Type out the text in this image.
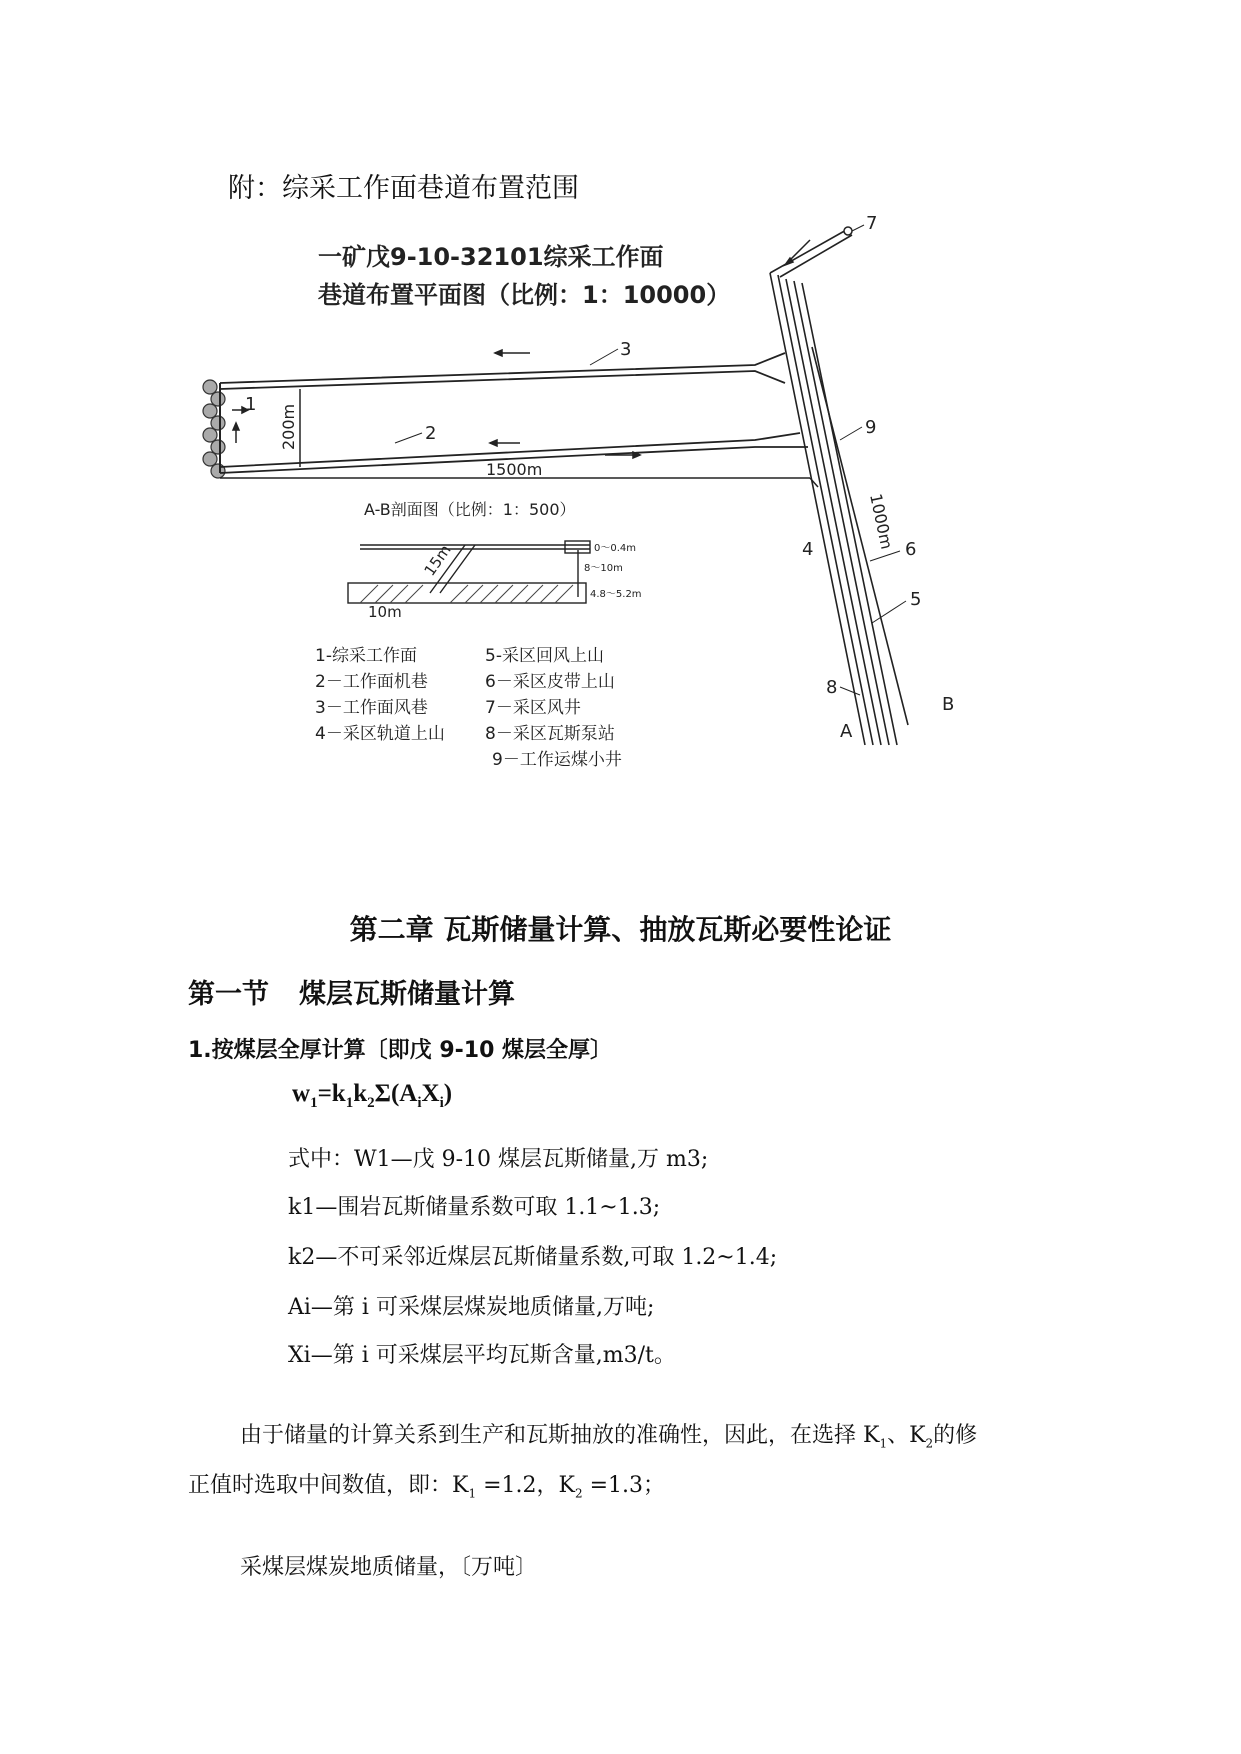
附：综采工作面巷道布置范围
一矿戊9-10-32101综采工作面
巷道布置平面图（比例：1：10000）
200m
1500m
1
2
3
7
9
4	6
5
8
A
B
1000m
A-B剖面图（比例：1：500）
15m
10m
0～0.4m
8～10m
4.8～5.2m
1-综采工作面	5-采区回风上山
2－工作面机巷	6－采区皮带上山
3－工作面风巷	7－采区风井
4－采区轨道上山 8－采区瓦斯泵站
9－工作运煤小井
第二章 瓦斯储量计算、抽放瓦斯必要性论证
第一节 煤层瓦斯储量计算
1.按煤层全厚计算〔即戊 9-10 煤层全厚〕
$w_1=k_1k_2\Sigma(A_iX_i)$
式中：W1—戊 9-10 煤层瓦斯储量,万 m3;
k1—围岩瓦斯储量系数可取 1.1~1.3;
k2—不可采邻近煤层瓦斯储量系数,可取 1.2~1.4;
Ai—第 i 可采煤层煤炭地质储量,万吨;
Xi—第 i 可采煤层平均瓦斯含量,m3/t。
由于储量的计算关系到生产和瓦斯抽放的准确性，因此，在选择 $K_1$、$K_2$的修
正值时选取中间数值，即：$K_1 =1.2$，$K_2 =1.3$；
采煤层煤炭地质储量，〔万吨〕
